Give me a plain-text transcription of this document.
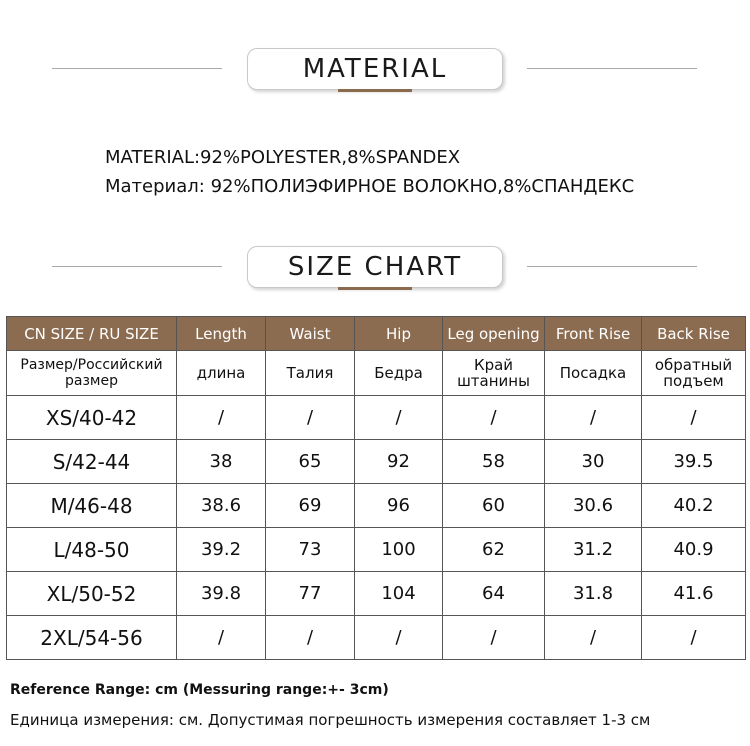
MATERIAL
MATERIAL:92%POLYESTER,8%SPANDEX
Материал: 92%ПОЛИЭФИРНОЕ ВОЛОКНО,8%СПАНДЕКС
SIZE CHART
CN SIZE / RU SIZE	Length	Waist	Hip	Leg opening	Front Rise	Back Rise
Размер/Российский размер	длина	Талия	Бедра	Край штанины	Посадка	обратный подъем
XS/40-42	/	/	/	/	/	/
S/42-44	38	65	92	58	30	39.5
M/46-48	38.6	69	96	60	30.6	40.2
L/48-50	39.2	73	100	62	31.2	40.9
XL/50-52	39.8	77	104	64	31.8	41.6
2XL/54-56	/	/	/	/	/	/
Reference Range: cm (Messuring range:+- 3cm)
Единица измерения: см. Допустимая погрешность измерения составляет 1-3 см
